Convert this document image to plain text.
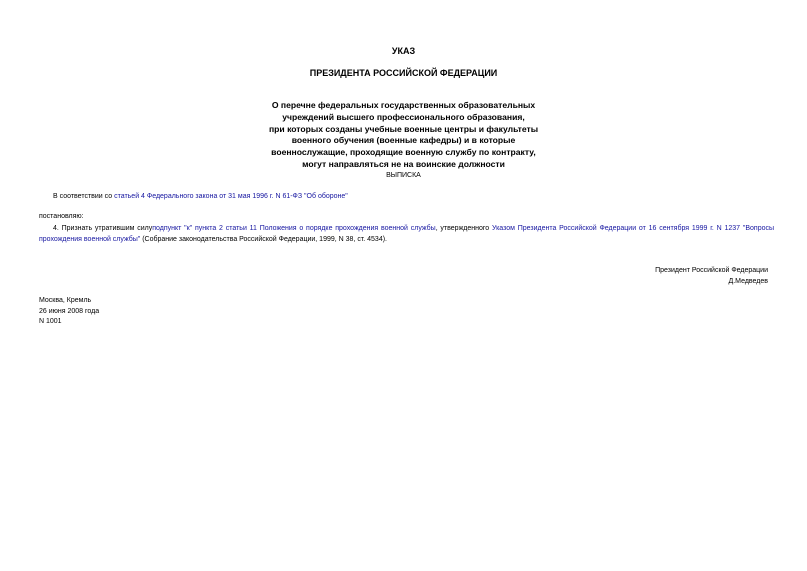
УКАЗ
ПРЕЗИДЕНТА РОССИЙСКОЙ ФЕДЕРАЦИИ
О перечне федеральных государственных образовательных
учреждений высшего профессионального образования,
при которых созданы учебные военные центры и факультеты
военного обучения (военные кафедры) и в которые
военнослужащие, проходящие военную службу по контракту,
могут направляться не на воинские должности
ВЫПИСКА
В соответствии со статьей 4 Федерального закона от 31 мая 1996 г. N 61-ФЗ "Об обороне"
постановляю:
4. Признать утратившим силуподпункт "к" пункта 2 статьи 11 Положения о порядке прохождения военной службы, утвержденного Указом Президента Российской Федерации от 16 сентября 1999 г. N 1237 "Вопросы прохождения военной службы" (Собрание законодательства Российской Федерации, 1999, N 38, ст. 4534).
Президент Российской Федерации
Д.Медведев
Москва, Кремль
26 июня 2008 года
N 1001
